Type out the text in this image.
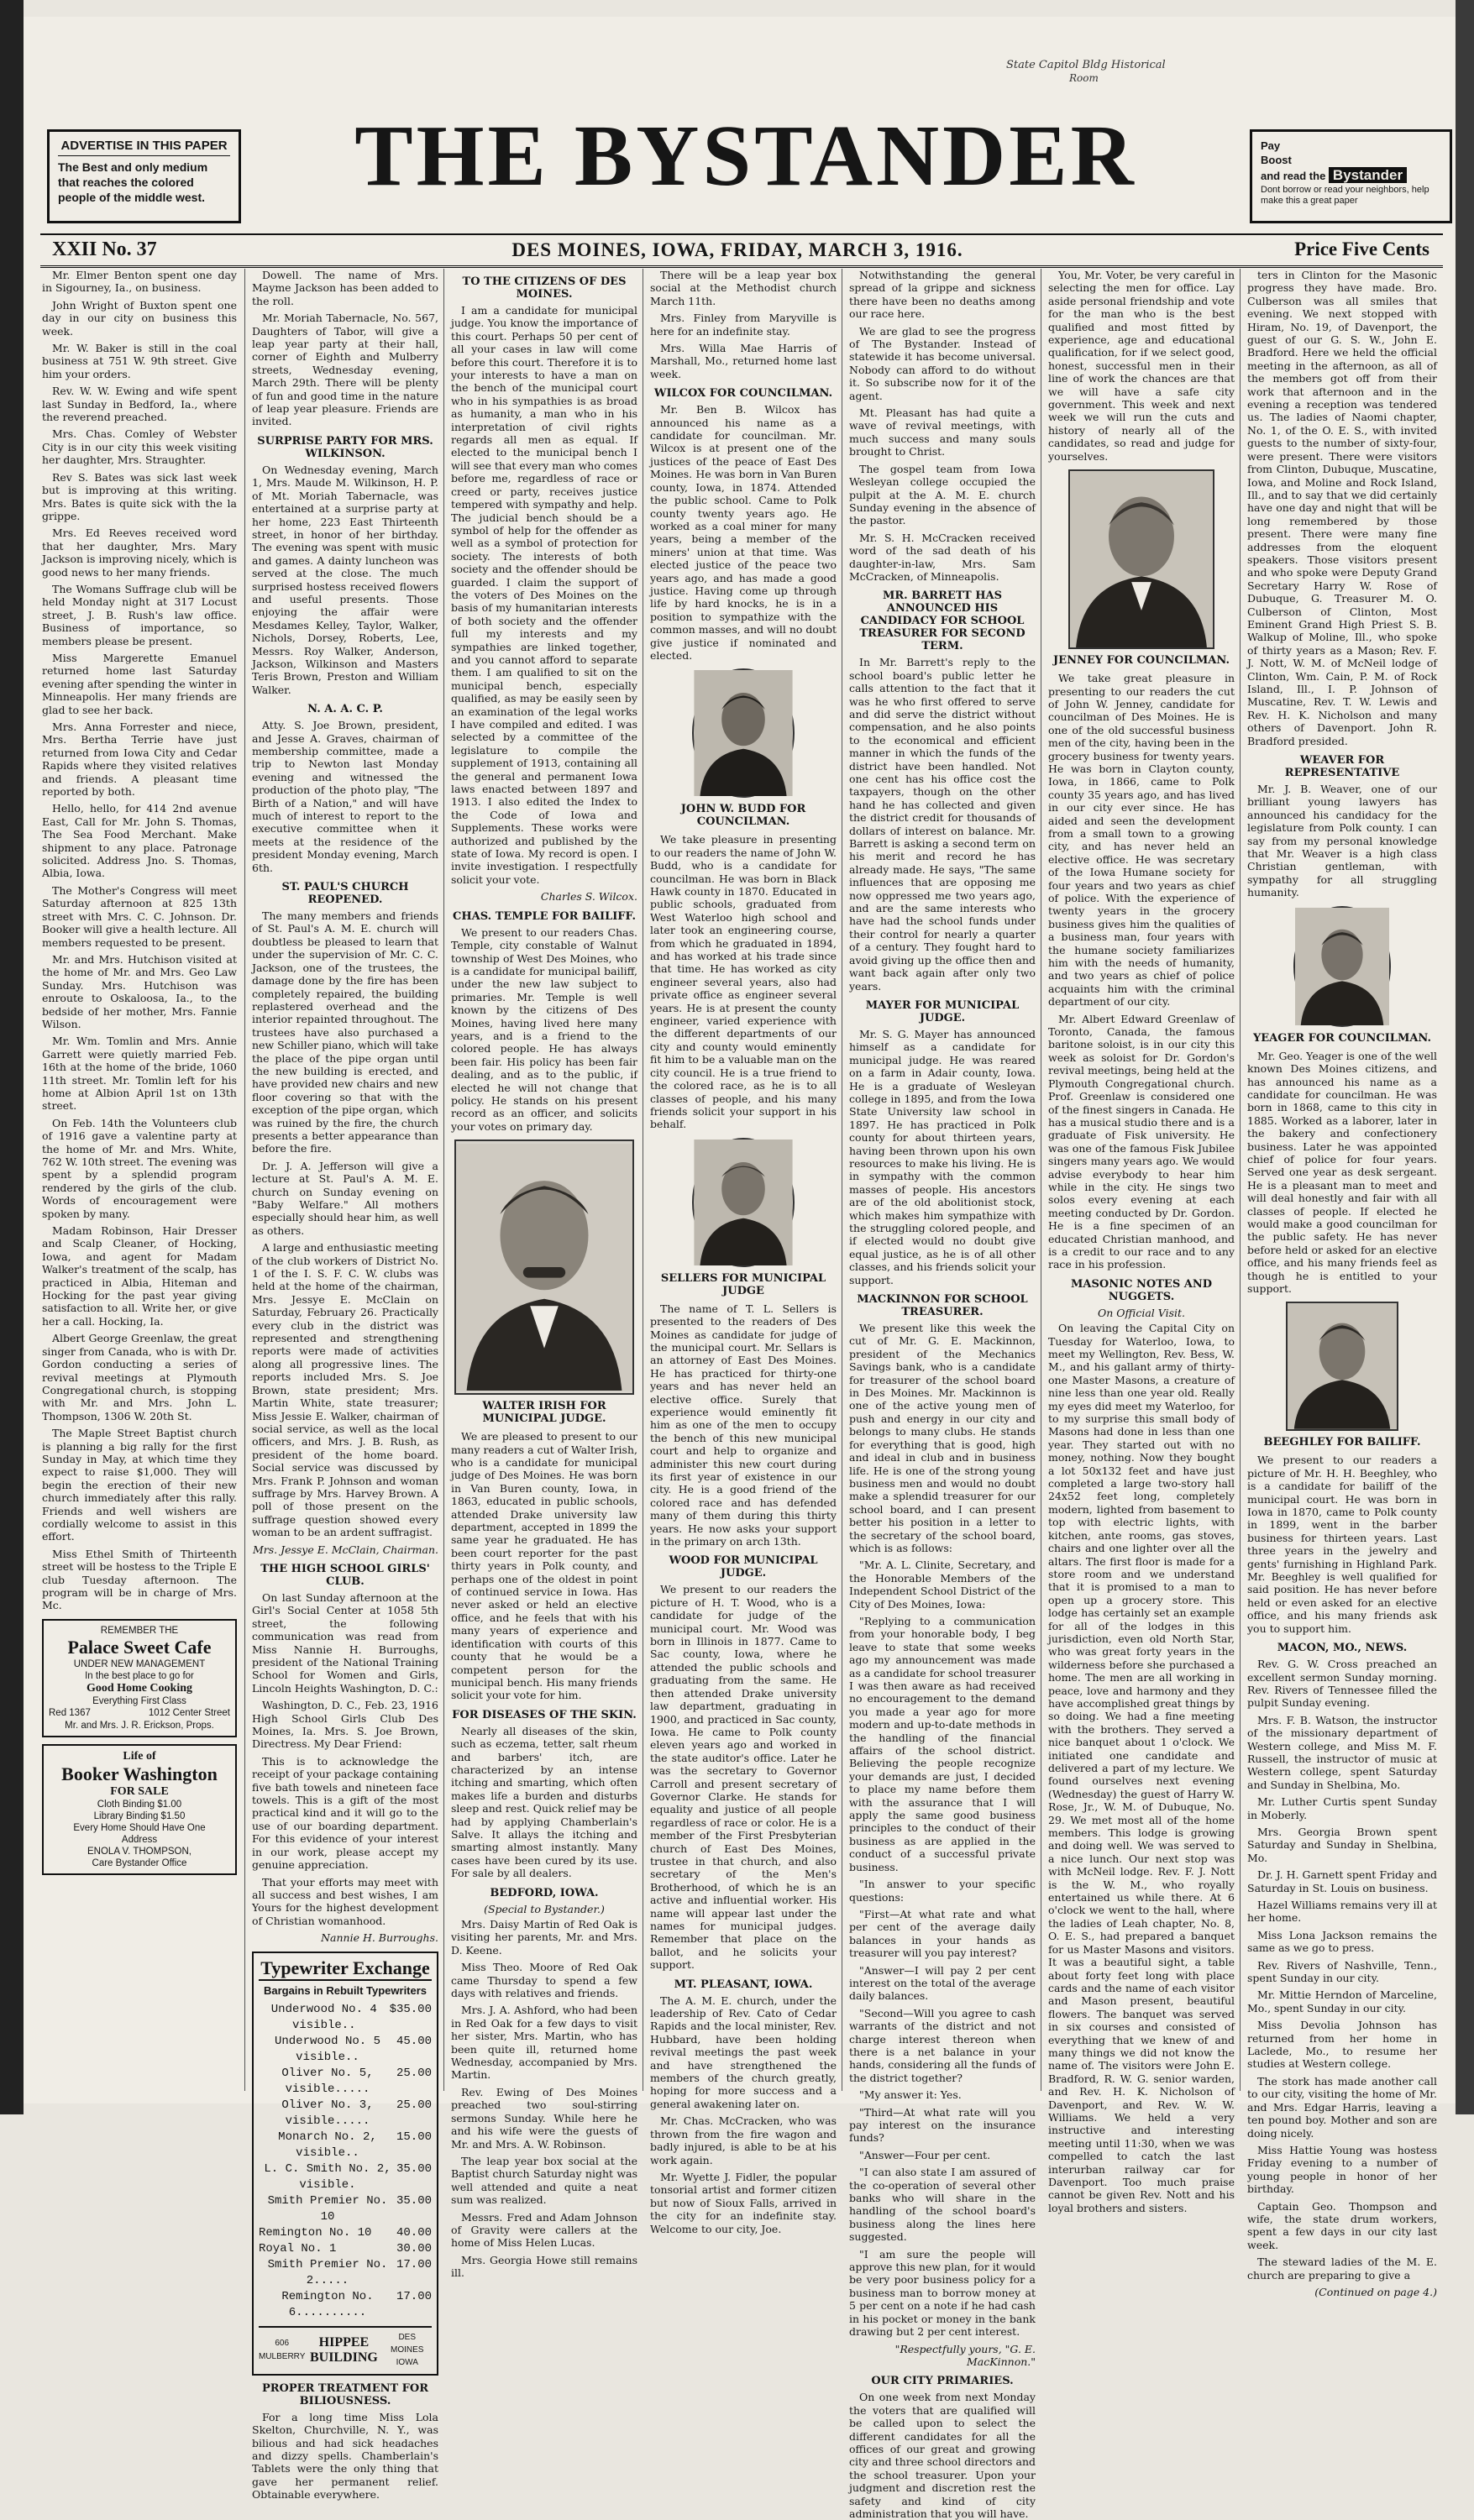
State Capitol Bldg Historical
Room
ADVERTISE IN THIS PAPER
The Best and only medium that reaches the colored people of the middle west.	THE BYSTANDER	Pay
Boost
and read the Bystander
Dont borrow or read your neighbors, help make this a great paper
XXII No. 37	DES MOINES, IOWA, FRIDAY, MARCH 3, 1916.	Price Five Cents

Mr. Elmer Benton spent one day in Sigourney, Ia., on business.

John Wright of Buxton spent one day in our city on business this week.

Mr. W. Baker is still in the coal business at 751 W. 9th street. Give him your orders.

Rev. W. W. Ewing and wife spent last Sunday in Bedford, Ia., where the reverend preached.

Mrs. Chas. Comley of Webster City is in our city this week visiting her daughter, Mrs. Straughter.

Rev S. Bates was sick last week but is improving at this writing. Mrs. Bates is quite sick with the la grippe.

Mrs. Ed Reeves received word that her daughter, Mrs. Mary Jackson is improving nicely, which is good news to her many friends.

The Womans Suffrage club will be held Monday night at 317 Locust street, J. B. Rush's law office. Business of importance, so members please be present.

Miss Margerette Emanuel returned home last Saturday evening after spending the winter in Minneapolis. Her many friends are glad to see her back.

Mrs. Anna Forrester and niece, Mrs. Bertha Terrie have just returned from Iowa City and Cedar Rapids where they visited relatives and friends. A pleasant time reported by both.

Hello, hello, for 414 2nd avenue East, Call for Mr. John S. Thomas, The Sea Food Merchant. Make shipment to any place. Patronage solicited. Address Jno. S. Thomas, Albia, Iowa.

The Mother's Congress will meet Saturday afternoon at 825 13th street with Mrs. C. C. Johnson. Dr. Booker will give a health lecture. All members requested to be present.

Mr. and Mrs. Hutchison visited at the home of Mr. and Mrs. Geo Law Sunday. Mrs. Hutchison was enroute to Oskaloosa, Ia., to the bedside of her mother, Mrs. Fannie Wilson.

Mr. Wm. Tomlin and Mrs. Annie Garrett were quietly married Feb. 16th at the home of the bride, 1060 11th street. Mr. Tomlin left for his home at Albion April 1st on 13th street.

On Feb. 14th the Volunteers club of 1916 gave a valentine party at the home of Mr. and Mrs. White, 762 W. 10th street. The evening was spent by a splendid program rendered by the girls of the club. Words of encouragement were spoken by many.

Madam Robinson, Hair Dresser and Scalp Cleaner, of Hocking, Iowa, and agent for Madam Walker's treatment of the scalp, has practiced in Albia, Hiteman and Hocking for the past year giving satisfaction to all. Write her, or give her a call. Hocking, Ia.

Albert George Greenlaw, the great singer from Canada, who is with Dr. Gordon conducting a series of revival meetings at Plymouth Congregational church, is stopping with Mr. and Mrs. John L. Thompson, 1306 W. 20th St.

The Maple Street Baptist church is planning a big rally for the first Sunday in May, at which time they expect to raise $1,000. They will begin the erection of their new church immediately after this rally. Friends and well wishers are cordially welcome to assist in this effort.

Miss Ethel Smith of Thirteenth street will be hostess to the Triple E club Tuesday afternoon. The program will be in charge of Mrs. Mc.

REMEMBER THE
Palace Sweet Cafe
UNDER NEW MANAGEMENT
In the best place to go for
Good Home Cooking
Everything First Class
Red 1367	1012 Center Street
Mr. and Mrs. J. R. Erickson, Props.
Life of
Booker Washington
FOR SALE
Cloth Binding $1.00
Library Binding $1.50
Every Home Should Have One
Address
ENOLA V. THOMPSON,
Care Bystander Office

Dowell. The name of Mrs. Mayme Jackson has been added to the roll.

Mr. Moriah Tabernacle, No. 567, Daughters of Tabor, will give a leap year party at their hall, corner of Eighth and Mulberry streets, Wednesday evening, March 29th. There will be plenty of fun and good time in the nature of leap year pleasure. Friends are invited.

SURPRISE PARTY FOR MRS. WILKINSON.

On Wednesday evening, March 1, Mrs. Maude M. Wilkinson, H. P. of Mt. Moriah Tabernacle, was entertained at a surprise party at her home, 223 East Thirteenth street, in honor of her birthday. The evening was spent with music and games. A dainty luncheon was served at the close. The much surprised hostess received flowers and useful presents. Those enjoying the affair were Mesdames Kelley, Taylor, Walker, Nichols, Dorsey, Roberts, Lee, Messrs. Roy Walker, Anderson, Jackson, Wilkinson and Masters Teris Brown, Preston and William Walker.

N. A. A. C. P.

Atty. S. Joe Brown, president, and Jesse A. Graves, chairman of membership committee, made a trip to Newton last Monday evening and witnessed the production of the photo play, "The Birth of a Nation," and will have much of interest to report to the executive committee when it meets at the residence of the president Monday evening, March 6th.

ST. PAUL'S CHURCH REOPENED.

The many members and friends of St. Paul's A. M. E. church will doubtless be pleased to learn that under the supervision of Mr. C. C. Jackson, one of the trustees, the damage done by the fire has been completely repaired, the building replastered overhead and the interior repainted throughout. The trustees have also purchased a new Schiller piano, which will take the place of the pipe organ until the new building is erected, and have provided new chairs and new floor covering so that with the exception of the pipe organ, which was ruined by the fire, the church presents a better appearance than before the fire.

Dr. J. A. Jefferson will give a lecture at St. Paul's A. M. E. church on Sunday evening on "Baby Welfare." All mothers especially should hear him, as well as others.

A large and enthusiastic meeting of the club workers of District No. 1 of the I. S. F. C. W. clubs was held at the home of the chairman, Mrs. Jessye E. McClain on Saturday, February 26. Practically every club in the district was represented and strengthening reports were made of activities along all progressive lines. The reports included Mrs. S. Joe Brown, state president; Mrs. Martin White, state treasurer; Miss Jessie E. Walker, chairman of social service, as well as the local officers, and Mrs. J. B. Rush, as president of the home board. Social service was discussed by Mrs. Frank P. Johnson and woman suffrage by Mrs. Harvey Brown. A poll of those present on the suffrage question showed every woman to be an ardent suffragist.

Mrs. Jessye E. McClain, Chairman.
THE HIGH SCHOOL GIRLS' CLUB.

On last Sunday afternoon at the Girl's Social Center at 1058 5th street, the following communication was read from Miss Nannie H. Burroughs, president of the National Training School for Women and Girls, Lincoln Heights Washington, D. C.:

Washington, D. C., Feb. 23, 1916 High School Girls Club Des Moines, Ia. Mrs. S. Joe Brown, Directress. My Dear Friend:

This is to acknowledge the receipt of your package containing five bath towels and nineteen face towels. This is a gift of the most practical kind and it will go to the use of our boarding department. For this evidence of your interest in our work, please accept my genuine appreciation.

That your efforts may meet with all success and best wishes, I am Yours for the highest development of Christian womanhood.

Nannie H. Burroughs.
Typewriter Exchange
Bargains in Rebuilt Typewriters
Underwood No. 4 visible..
$35.00
Underwood No. 5 visible..
45.00
Oliver No. 5, visible.....
25.00
Oliver No. 3, visible.....
25.00
Monarch No. 2, visible..
15.00
L. C. Smith No. 2, visible.
35.00
Smith Premier No. 10
35.00
Remington No. 10 40.00
Royal No. 1	30.00
Smith Premier No. 2.....
17.00
Remington No. 6..........
17.00
606 MULBERRY
HIPPEE BUILDING
DES MOINES IOWA
PROPER TREATMENT FOR BILIOUSNESS.

For a long time Miss Lola Skelton, Churchville, N. Y., was bilious and had sick headaches and dizzy spells. Chamberlain's Tablets were the only thing that gave her permanent relief. Obtainable everywhere.

TO THE CITIZENS OF DES MOINES.

I am a candidate for municipal judge. You know the importance of this court. Perhaps 50 per cent of all your cases in law will come before this court. Therefore it is to your interests to have a man on the bench of the municipal court who in his sympathies is as broad as humanity, a man who in his interpretation of civil rights regards all men as equal. If elected to the municipal bench I will see that every man who comes before me, regardless of race or creed or party, receives justice tempered with sympathy and help. The judicial bench should be a symbol of help for the offender as well as a symbol of protection for society. The interests of both society and the offender should be guarded. I claim the support of the voters of Des Moines on the basis of my humanitarian interests of both society and the offender full my interests and my sympathies are linked together, and you cannot afford to separate them. I am qualified to sit on the municipal bench, especially qualified, as may be easily seen by an examination of the legal works I have compiled and edited. I was selected by a committee of the legislature to compile the supplement of 1913, containing all the general and permanent Iowa laws enacted between 1897 and 1913. I also edited the Index to the Code of Iowa and Supplements. These works were authorized and published by the state of Iowa. My record is open. I invite investigation. I respectfully solicit your vote.

Charles S. Wilcox.
CHAS. TEMPLE FOR BAILIFF.

We present to our readers Chas. Temple, city constable of Walnut township of West Des Moines, who is a candidate for municipal bailiff, under the new law subject to primaries. Mr. Temple is well known by the citizens of Des Moines, having lived here many years, and is a friend to the colored people. He has always been fair. His policy has been fair dealing, and as to the public, if elected he will not change that policy. He stands on his present record as an officer, and solicits your votes on primary day.

WALTER IRISH FOR MUNICIPAL JUDGE.

We are pleased to present to our many readers a cut of Walter Irish, who is a candidate for municipal judge of Des Moines. He was born in Van Buren county, Iowa, in 1863, educated in public schools, attended Drake university law department, accepted in 1899 the same year he graduated. He has been court reporter for the past thirty years in Polk county, and perhaps one of the oldest in point of continued service in Iowa. Has never asked or held an elective office, and he feels that with his many years of experience and identification with courts of this county that he would be a competent person for the municipal bench. His many friends solicit your vote for him.

FOR DISEASES OF THE SKIN.

Nearly all diseases of the skin, such as eczema, tetter, salt rheum and barbers' itch, are characterized by an intense itching and smarting, which often makes life a burden and disturbs sleep and rest. Quick relief may be had by applying Chamberlain's Salve. It allays the itching and smarting almost instantly. Many cases have been cured by its use. For sale by all dealers.

BEDFORD, IOWA.
(Special to Bystander.)

Mrs. Daisy Martin of Red Oak is visiting her parents, Mr. and Mrs. D. Keene.

Miss Theo. Moore of Red Oak came Thursday to spend a few days with relatives and friends.

Mrs. J. A. Ashford, who had been in Red Oak for a few days to visit her sister, Mrs. Martin, who has been quite ill, returned home Wednesday, accompanied by Mrs. Martin.

Rev. Ewing of Des Moines preached two soul-stirring sermons Sunday. While here he and his wife were the guests of Mr. and Mrs. A. W. Robinson.

The leap year box social at the Baptist church Saturday night was well attended and quite a neat sum was realized.

Messrs. Fred and Adam Johnson of Gravity were callers at the home of Miss Helen Lucas.

Mrs. Georgia Howe still remains ill.

There will be a leap year box social at the Methodist church March 11th.

Mrs. Finley from Maryville is here for an indefinite stay.

Mrs. Willa Mae Harris of Marshall, Mo., returned home last week.

WILCOX FOR COUNCILMAN.

Mr. Ben B. Wilcox has announced his name as a candidate for councilman. Mr. Wilcox is at present one of the justices of the peace of East Des Moines. He was born in Van Buren county, Iowa, in 1874. Attended the public school. Came to Polk county twenty years ago. He worked as a coal miner for many years, being a member of the miners' union at that time. Was elected justice of the peace two years ago, and has made a good justice. Having come up through life by hard knocks, he is in a position to sympathize with the common masses, and will no doubt give justice if nominated and elected.

JOHN W. BUDD FOR COUNCILMAN.

We take pleasure in presenting to our readers the name of John W. Budd, who is a candidate for councilman. He was born in Black Hawk county in 1870. Educated in public schools, graduated from West Waterloo high school and later took an engineering course, from which he graduated in 1894, and has worked at his trade since that time. He has worked as city engineer several years, also had private office as engineer several years. He is at present the county engineer, varied experience with the different departments of our city and county would eminently fit him to be a valuable man on the city council. He is a true friend to the colored race, as he is to all classes of people, and his many friends solicit your support in his behalf.

SELLERS FOR MUNICIPAL JUDGE

The name of T. L. Sellers is presented to the readers of Des Moines as candidate for judge of the municipal court. Mr. Sellars is an attorney of East Des Moines. He has practiced for thirty-one years and has never held an elective office. Surely that experience would eminently fit him as one of the men to occupy the bench of this new municipal court and help to organize and administer this new court during its first year of existence in our city. He is a good friend of the colored race and has defended many of them during this thirty years. He now asks your support in the primary on arch 13th.

WOOD FOR MUNICIPAL JUDGE.

We present to our readers the picture of H. T. Wood, who is a candidate for judge of the municipal court. Mr. Wood was born in Illinois in 1877. Came to Sac county, Iowa, where he attended the public schools and graduating from the same. He then attended Drake university law department, graduating in 1900, and practiced in Sac county, Iowa. He came to Polk county eleven years ago and worked in the state auditor's office. Later he was the secretary to Governor Carroll and present secretary of Governor Clarke. He stands for equality and justice of all people regardless of race or color. He is a member of the First Presbyterian church of East Des Moines, trustee in that church, and also secretary of the Men's Brotherhood, of which he is an active and influential worker. His name will appear last under the names for municipal judges. Remember that place on the ballot, and he solicits your support.

MT. PLEASANT, IOWA.

The A. M. E. church, under the leadership of Rev. Cato of Cedar Rapids and the local minister, Rev. Hubbard, have been holding revival meetings the past week and have strengthened the members of the church greatly, hoping for more success and a general awakening later on.

Mr. Chas. McCracken, who was thrown from the fire wagon and badly injured, is able to be at his work again.

Mr. Wyette J. Fidler, the popular tonsorial artist and former citizen but now of Sioux Falls, arrived in the city for an indefinite stay. Welcome to our city, Joe.

Notwithstanding the general spread of la grippe and sickness there have been no deaths among our race here.

We are glad to see the progress of The Bystander. Instead of statewide it has become universal. Nobody can afford to do without it. So subscribe now for it of the agent.

Mt. Pleasant has had quite a wave of revival meetings, with much success and many souls brought to Christ.

The gospel team from Iowa Wesleyan college occupied the pulpit at the A. M. E. church Sunday evening in the absence of the pastor.

Mr. S. H. McCracken received word of the sad death of his daughter-in-law, Mrs. Sam McCracken, of Minneapolis.

MR. BARRETT HAS ANNOUNCED HIS CANDIDACY FOR SCHOOL TREASURER FOR SECOND TERM.

In Mr. Barrett's reply to the school board's public letter he calls attention to the fact that it was he who first offered to serve and did serve the district without compensation, and he also points to the economical and efficient manner in which the funds of the district have been handled. Not one cent has his office cost the taxpayers, though on the other hand he has collected and given the district credit for thousands of dollars of interest on balance. Mr. Barrett is asking a second term on his merit and record he has already made. He says, "The same influences that are opposing me now oppressed me two years ago, and are the same interests who have had the school funds under their control for nearly a quarter of a century. They fought hard to avoid giving up the office then and want back again after only two years.

MAYER FOR MUNICIPAL JUDGE.

Mr. S. G. Mayer has announced himself as a candidate for municipal judge. He was reared on a farm in Adair county, Iowa. He is a graduate of Wesleyan college in 1895, and from the Iowa State University law school in 1897. He has practiced in Polk county for about thirteen years, having been thrown upon his own resources to make his living. He is in sympathy with the common masses of people. His ancestors are of the old abolitionist stock, which makes him sympathize with the struggling colored people, and if elected would no doubt give equal justice, as he is of all other classes, and his friends solicit your support.

MACKINNON FOR SCHOOL TREASURER.

We present like this week the cut of Mr. G. E. Mackinnon, president of the Mechanics Savings bank, who is a candidate for treasurer of the school board in Des Moines. Mr. Mackinnon is one of the active young men of push and energy in our city and belongs to many clubs. He stands for everything that is good, high and ideal in club and in business life. He is one of the strong young business men and would no doubt make a splendid treasurer for our school board, and I can present better his position in a letter to the secretary of the school board, which is as follows:

"Mr. A. L. Clinite, Secretary, and the Honorable Members of the Independent School District of the City of Des Moines, Iowa:

"Replying to a communication from your honorable body, I beg leave to state that some weeks ago my announcement was made as a candidate for school treasurer I was then aware as had received no encouragement to the demand you made a year ago for more modern and up-to-date methods in the handling of the financial affairs of the school district. Believing the people recognize your demands are just, I decided to place my name before them with the assurance that I will apply the same good business principles to the conduct of their business as are applied in the conduct of a successful private business.

"In answer to your specific questions:

"First—At what rate and what per cent of the average daily balances in your hands as treasurer will you pay interest?

"Answer—I will pay 2 per cent interest on the total of the average daily balances.

"Second—Will you agree to cash warrants of the district and not charge interest thereon when there is a net balance in your hands, considering all the funds of the district together?

"My answer it: Yes.

"Third—At what rate will you pay interest on the insurance funds?

"Answer—Four per cent.

"I can also state I am assured of the co-operation of several other banks who will share in the handling of the school board's business along the lines here suggested.

"I am sure the people will approve this new plan, for it would be very poor business policy for a business man to borrow money at 5 per cent on a note if he had cash in his pocket or money in the bank drawing but 2 per cent interest.

"Respectfully yours, "G. E. MacKinnon."
OUR CITY PRIMARIES.

On one week from next Monday the voters that are qualified will be called upon to select the different candidates for all the offices of our great and growing city and three school directors and the school treasurer. Upon your judgment and discretion rest the safety and kind of city administration that you will have.

You, Mr. Voter, be very careful in selecting the men for office. Lay aside personal friendship and vote for the man who is the best qualified and most fitted by experience, age and educational qualification, for if we select good, honest, successful men in their line of work the chances are that we will have a safe city government. This week and next week we will run the cuts and history of nearly all of the candidates, so read and judge for yourselves.

JENNEY FOR COUNCILMAN.

We take great pleasure in presenting to our readers the cut of John W. Jenney, candidate for councilman of Des Moines. He is one of the old successful business men of the city, having been in the grocery business for twenty years. He was born in Clayton county, Iowa, in 1866, came to Polk county 35 years ago, and has lived in our city ever since. He has aided and seen the development from a small town to a growing city, and has never held an elective office. He was secretary of the Iowa Humane society for four years and two years as chief of police. With the experience of twenty years in the grocery business gives him the qualities of a business man, four years with the humane society familiarizes him with the needs of humanity, and two years as chief of police acquaints him with the criminal department of our city.

Mr. Albert Edward Greenlaw of Toronto, Canada, the famous baritone soloist, is in our city this week as soloist for Dr. Gordon's revival meetings, being held at the Plymouth Congregational church. Prof. Greenlaw is considered one of the finest singers in Canada. He has a musical studio there and is a graduate of Fisk university. He was one of the famous Fisk Jubilee singers many years ago. We would advise everybody to hear him while in the city. He sings two solos every evening at each meeting conducted by Dr. Gordon. He is a fine specimen of an educated Christian manhood, and is a credit to our race and to any race in his profession.

MASONIC NOTES AND NUGGETS.
On Official Visit.

On leaving the Capital City on Tuesday for Waterloo, Iowa, to meet my Wellington, Rev. Bess, W. M., and his gallant army of thirty-one Master Masons, a creature of nine less than one year old. Really my eyes did meet my Waterloo, for to my surprise this small body of Masons had done in less than one year. They started out with no money, nothing. Now they bought a lot 50x132 feet and have just completed a large two-story hall 24x52 feet long, completely modern, lighted from basement to top with electric lights, with kitchen, ante rooms, gas stoves, chairs and one lighter over all the altars. The first floor is made for a store room and we understand that it is promised to a man to open up a grocery store. This lodge has certainly set an example for all of the lodges in this jurisdiction, even old North Star, who was great forty years in the wilderness before she purchased a home. The men are all working in peace, love and harmony and they have accomplished great things by so doing. We had a fine meeting with the brothers. They served a nice banquet about 1 o'clock. We initiated one candidate and delivered a part of my lecture. We found ourselves next evening (Wednesday) the guest of Harry W. Rose, Jr., W. M. of Dubuque, No. 29. We met most all of the home members. This lodge is growing and doing well. We was served to a nice lunch. Our next stop was with McNeil lodge. Rev. F. J. Nott is the W. M., who royally entertained us while there. At 6 o'clock we went to the hall, where the ladies of Leah chapter, No. 8, O. E. S., had prepared a banquet for us Master Masons and visitors. It was a beautiful sight, a table about forty feet long with place cards and the name of each visitor and Mason present, beautiful flowers. The banquet was served in six courses and consisted of everything that we knew of and many things we did not know the name of. The visitors were John E. Bradford, R. W. G. senior warden, and Rev. H. K. Nicholson of Davenport, and Rev. W. W. Williams. We held a very instructive and interesting meeting until 11:30, when we was compelled to catch the last interurban railway car for Davenport. Too much praise cannot be given Rev. Nott and his loyal brothers and sisters.

ters in Clinton for the Masonic progress they have made. Bro. Culberson was all smiles that evening. We next stopped with Hiram, No. 19, of Davenport, the guest of our G. S. W., John E. Bradford. Here we held the official meeting in the afternoon, as all of the members got off from their work that afternoon and in the evening a reception was tendered us. The ladies of Naomi chapter, No. 1, of the O. E. S., with invited guests to the number of sixty-four, were present. There were visitors from Clinton, Dubuque, Muscatine, Iowa, and Moline and Rock Island, Ill., and to say that we did certainly have one day and night that will be long remembered by those present. There were many fine addresses from the eloquent speakers. Those visitors present and who spoke were Deputy Grand Secretary Harry W. Rose of Dubuque, G. Treasurer M. O. Culberson of Clinton, Most Eminent Grand High Priest S. B. Walkup of Moline, Ill., who spoke of thirty years as a Mason; Rev. F. J. Nott, W. M. of McNeil lodge of Clinton, Wm. Cain, P. M. of Rock Island, Ill., I. P. Johnson of Muscatine, Rev. T. W. Lewis and Rev. H. K. Nicholson and many others of Davenport. John R. Bradford presided.

WEAVER FOR REPRESENTATIVE

Mr. J. B. Weaver, one of our brilliant young lawyers has announced his candidacy for the legislature from Polk county. I can say from my personal knowledge that Mr. Weaver is a high class Christian gentleman, with sympathy for all struggling humanity.

YEAGER FOR COUNCILMAN.

Mr. Geo. Yeager is one of the well known Des Moines citizens, and has announced his name as a candidate for councilman. He was born in 1868, came to this city in 1885. Worked as a laborer, later in the bakery and confectionery business. Later he was appointed chief of police for four years. Served one year as desk sergeant. He is a pleasant man to meet and will deal honestly and fair with all classes of people. If elected he would make a good councilman for the public safety. He has never before held or asked for an elective office, and his many friends feel as though he is entitled to your support.

BEEGHLEY FOR BAILIFF.

We present to our readers a picture of Mr. H. H. Beeghley, who is a candidate for bailiff of the municipal court. He was born in Iowa in 1870, came to Polk county in 1899, went in the barber business for thirteen years. Last three years in the jewelry and gents' furnishing in Highland Park. Mr. Beeghley is well qualified for said position. He has never before held or even asked for an elective office, and his many friends ask you to support him.

MACON, MO., NEWS.

Rev. G. W. Cross preached an excellent sermon Sunday morning. Rev. Rivers of Tennessee filled the pulpit Sunday evening.

Mrs. F. B. Watson, the instructor of the missionary department of Western college, and Miss M. F. Russell, the instructor of music at Western college, spent Saturday and Sunday in Shelbina, Mo.

Mr. Luther Curtis spent Sunday in Moberly.

Mrs. Georgia Brown spent Saturday and Sunday in Shelbina, Mo.

Dr. J. H. Garnett spent Friday and Saturday in St. Louis on business.

Hazel Williams remains very ill at her home.

Miss Lona Jackson remains the same as we go to press.

Rev. Rivers of Nashville, Tenn., spent Sunday in our city.

Mr. Mittie Herndon of Marceline, Mo., spent Sunday in our city.

Miss Devolia Johnson has returned from her home in Laclede, Mo., to resume her studies at Western college.

The stork has made another call to our city, visiting the home of Mr. and Mrs. Edgar Harris, leaving a ten pound boy. Mother and son are doing nicely.

Miss Hattie Young was hostess Friday evening to a number of young people in honor of her birthday.

Captain Geo. Thompson and wife, the state drum workers, spent a few days in our city last week.

The steward ladies of the M. E. church are preparing to give a

(Continued on page 4.)
